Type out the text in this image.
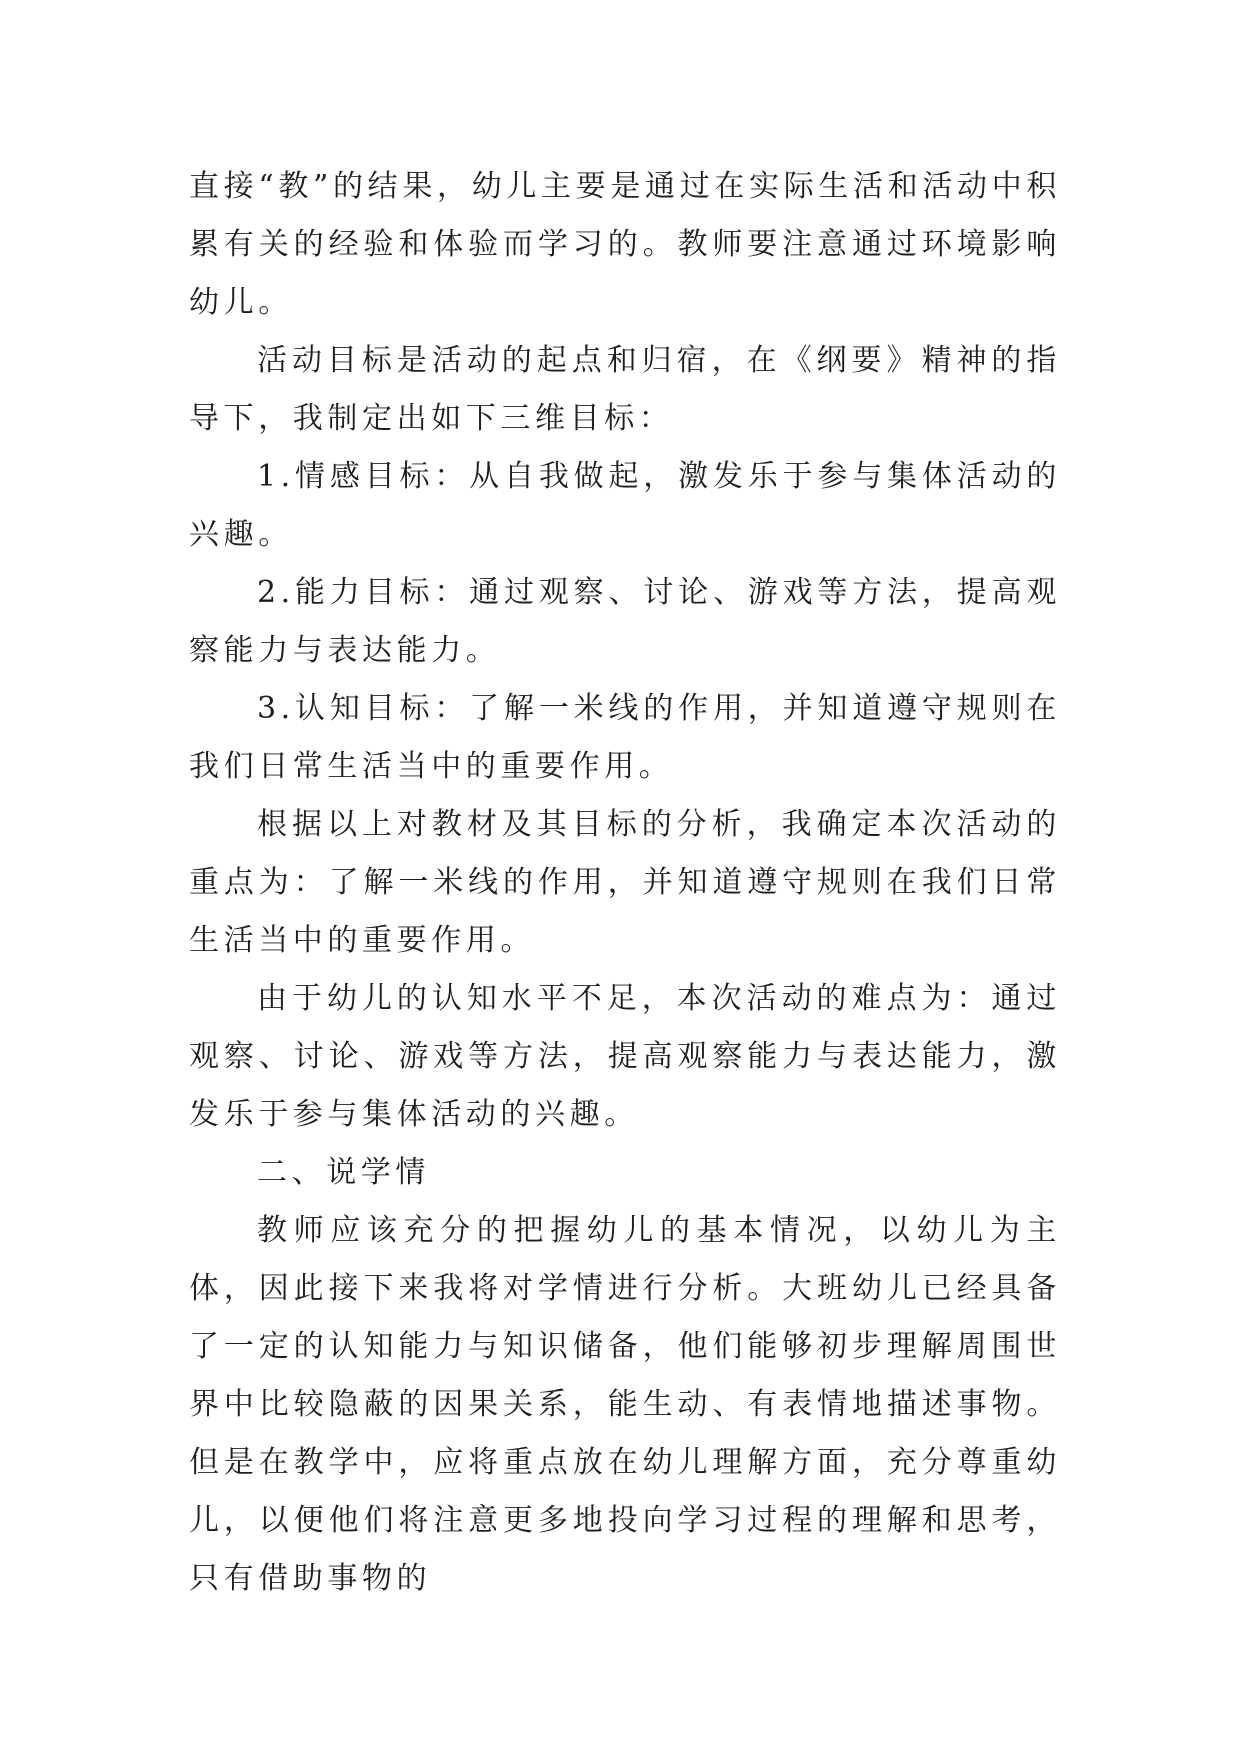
直接“教”的结果，幼儿主要是通过在实际生活和活动中积累有关的经验和体验而学习的。教师要注意通过环境影响幼儿。

活动目标是活动的起点和归宿，在《纲要》精神的指导下，我制定出如下三维目标：

1.情感目标：从自我做起，激发乐于参与集体活动的兴趣。

2.能力目标：通过观察、讨论、游戏等方法，提高观察能力与表达能力。

3.认知目标：了解一米线的作用，并知道遵守规则在我们日常生活当中的重要作用。

根据以上对教材及其目标的分析，我确定本次活动的重点为：了解一米线的作用，并知道遵守规则在我们日常生活当中的重要作用。

由于幼儿的认知水平不足，本次活动的难点为：通过观察、讨论、游戏等方法，提高观察能力与表达能力，激发乐于参与集体活动的兴趣。

二、说学情

教师应该充分的把握幼儿的基本情况，以幼儿为主体，因此接下来我将对学情进行分析。大班幼儿已经具备了一定的认知能力与知识储备，他们能够初步理解周围世界中比较隐蔽的因果关系，能生动、有表情地描述事物。但是在教学中，应将重点放在幼儿理解方面，充分尊重幼儿，以便他们将注意更多地投向学习过程的理解和思考，只有借助事物的
